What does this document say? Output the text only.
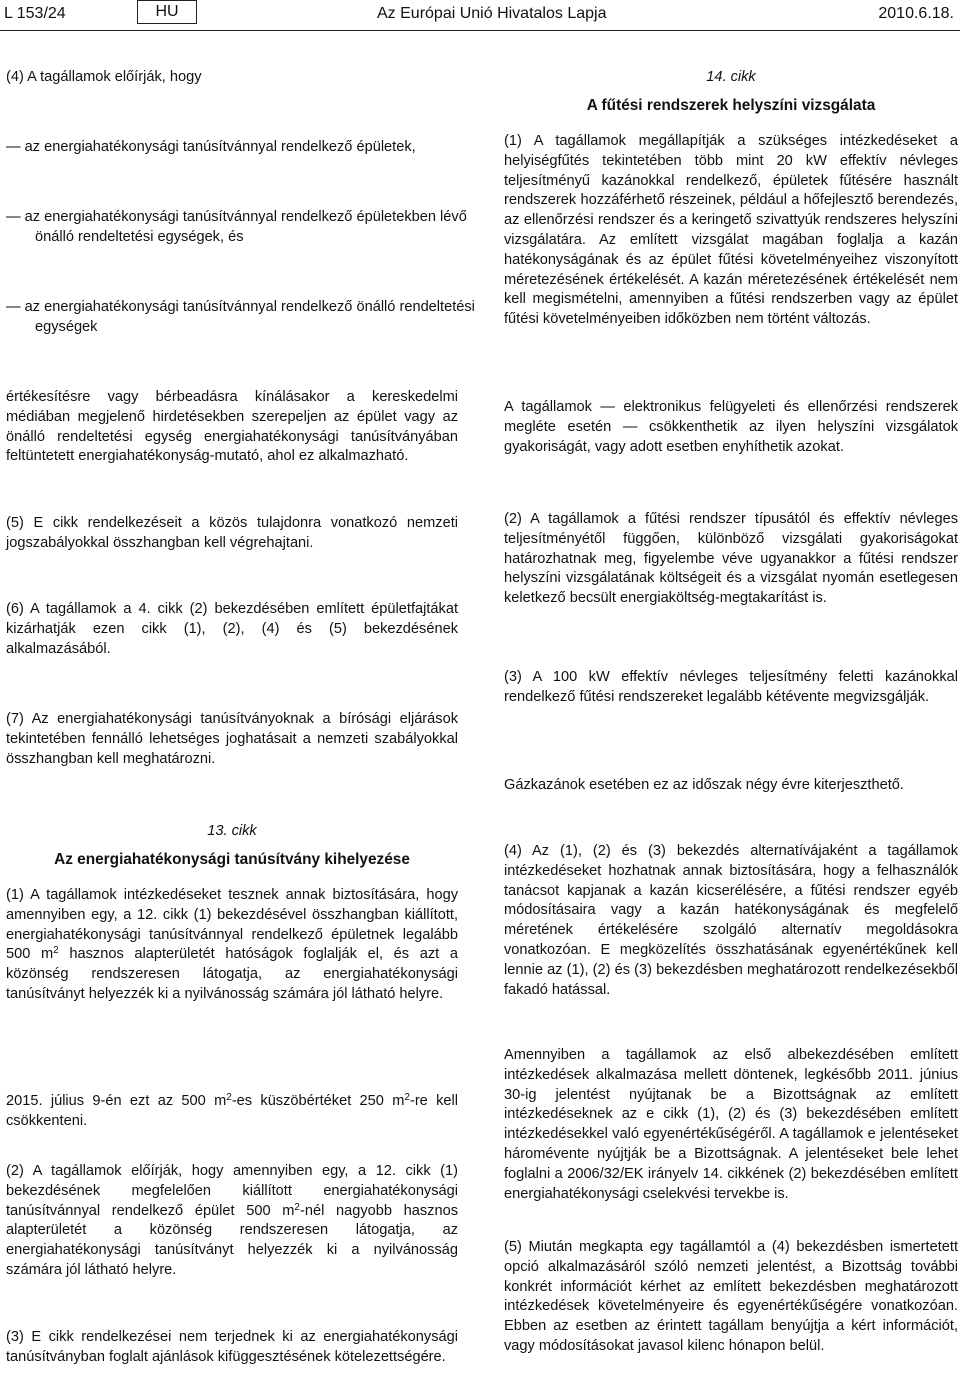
L 153/24	HU	Az Európai Unió Hivatalos Lapja	2010.6.18.
(4) A tagállamok előírják, hogy
— az energiahatékonysági tanúsítvánnyal rendelkező épületek,
— az energiahatékonysági tanúsítvánnyal rendelkező épületekben lévő önálló rendeltetési egységek, és
— az energiahatékonysági tanúsítvánnyal rendelkező önálló rendeltetési egységek
értékesítésre vagy bérbeadásra kínálásakor a kereskedelmi médiában megjelenő hirdetésekben szerepeljen az épület vagy az önálló rendeltetési egység energiahatékonysági tanúsítványában feltüntetett energiahatékonyság-mutató, ahol ez alkalmazható.
(5) E cikk rendelkezéseit a közös tulajdonra vonatkozó nemzeti jogszabályokkal összhangban kell végrehajtani.
(6) A tagállamok a 4. cikk (2) bekezdésében említett épületfajtákat kizárhatják ezen cikk (1), (2), (4) és (5) bekezdésének alkalmazásából.
(7) Az energiahatékonysági tanúsítványoknak a bírósági eljárások tekintetében fennálló lehetséges joghatásait a nemzeti szabályokkal összhangban kell meghatározni.
13. cikk
Az energiahatékonysági tanúsítvány kihelyezése
(1) A tagállamok intézkedéseket tesznek annak biztosítására, hogy amennyiben egy, a 12. cikk (1) bekezdésével összhangban kiállított, energiahatékonysági tanúsítvánnyal rendelkező épületnek legalább 500 $m^2$ hasznos alapterületét hatóságok foglalják el, és azt a közönség rendszeresen látogatja, az energiahatékonysági tanúsítványt helyezzék ki a nyilvánosság számára jól látható helyre.
2015. július 9-én ezt az 500 $m^2-es$ küszöbértéket 250 $m^2-re$ kell csökkenteni.
(2) A tagállamok előírják, hogy amennyiben egy, a 12. cikk (1) bekezdésének megfelelően kiállított energiahatékonysági tanúsítvánnyal rendelkező épület 500 $m^2$-nél nagyobb hasznos alapterületét a közönség rendszeresen látogatja, az energiahatékonysági tanúsítványt helyezzék ki a nyilvánosság számára jól látható helyre.
(3) E cikk rendelkezései nem terjednek ki az energiahatékonysági tanúsítványban foglalt ajánlások kifüggesztésének kötelezettségére.
14. cikk
A fűtési rendszerek helyszíni vizsgálata
(1) A tagállamok megállapítják a szükséges intézkedéseket a helyiségfűtés tekintetében több mint 20 kW effektív névleges teljesítményű kazánokkal rendelkező, épületek fűtésére használt rendszerek hozzáférhető részeinek, például a hőfejlesztő berendezés, az ellenőrzési rendszer és a keringető szivattyúk rendszeres helyszíni vizsgálatára. Az említett vizsgálat magában foglalja a kazán hatékonyságának és az épület fűtési követelményeihez viszonyított méretezésének értékelését. A kazán méretezésének értékelését nem kell megismételni, amennyiben a fűtési rendszerben vagy az épület fűtési követelményeiben időközben nem történt változás.
A tagállamok — elektronikus felügyeleti és ellenőrzési rendszerek megléte esetén — csökkenthetik az ilyen helyszíni vizsgálatok gyakoriságát, vagy adott esetben enyhíthetik azokat.
(2) A tagállamok a fűtési rendszer típusától és effektív névleges teljesítményétől függően, különböző vizsgálati gyakoriságokat határozhatnak meg, figyelembe véve ugyanakkor a fűtési rendszer helyszíni vizsgálatának költségeit és a vizsgálat nyomán esetlegesen keletkező becsült energiaköltség-megtakarítást is.
(3) A 100 kW effektív névleges teljesítmény feletti kazánokkal rendelkező fűtési rendszereket legalább kétévente megvizsgálják.
Gázkazánok esetében ez az időszak négy évre kiterjeszthető.
(4) Az (1), (2) és (3) bekezdés alternatívájaként a tagállamok intézkedéseket hozhatnak annak biztosítására, hogy a felhasználók tanácsot kapjanak a kazán kicserélésére, a fűtési rendszer egyéb módosításaira vagy a kazán hatékonyságának és megfelelő méretének értékelésére szolgáló alternatív megoldásokra vonatkozóan. E megközelítés összhatásának egyenértékűnek kell lennie az (1), (2) és (3) bekezdésben meghatározott rendelkezésekből fakadó hatással.
Amennyiben a tagállamok az első albekezdésében említett intézkedések alkalmazása mellett döntenek, legkésőbb 2011. június 30-ig jelentést nyújtanak be a Bizottságnak az említett intézkedéseknek az e cikk (1), (2) és (3) bekezdésében említett intézkedésekkel való egyenértékűségéről. A tagállamok e jelentéseket háromévente nyújtják be a Bizottságnak. A jelentéseket bele lehet foglalni a 2006/32/EK irányelv 14. cikkének (2) bekezdésében említett energiahatékonysági cselekvési tervekbe is.
(5) Miután megkapta egy tagállamtól a (4) bekezdésben ismertetett opció alkalmazásáról szóló nemzeti jelentést, a Bizottság további konkrét információt kérhet az említett bekezdésben meghatározott intézkedések követelményeire és egyenértékűségére vonatkozóan. Ebben az esetben az érintett tagállam benyújtja a kért információt, vagy módosításokat javasol kilenc hónapon belül.
